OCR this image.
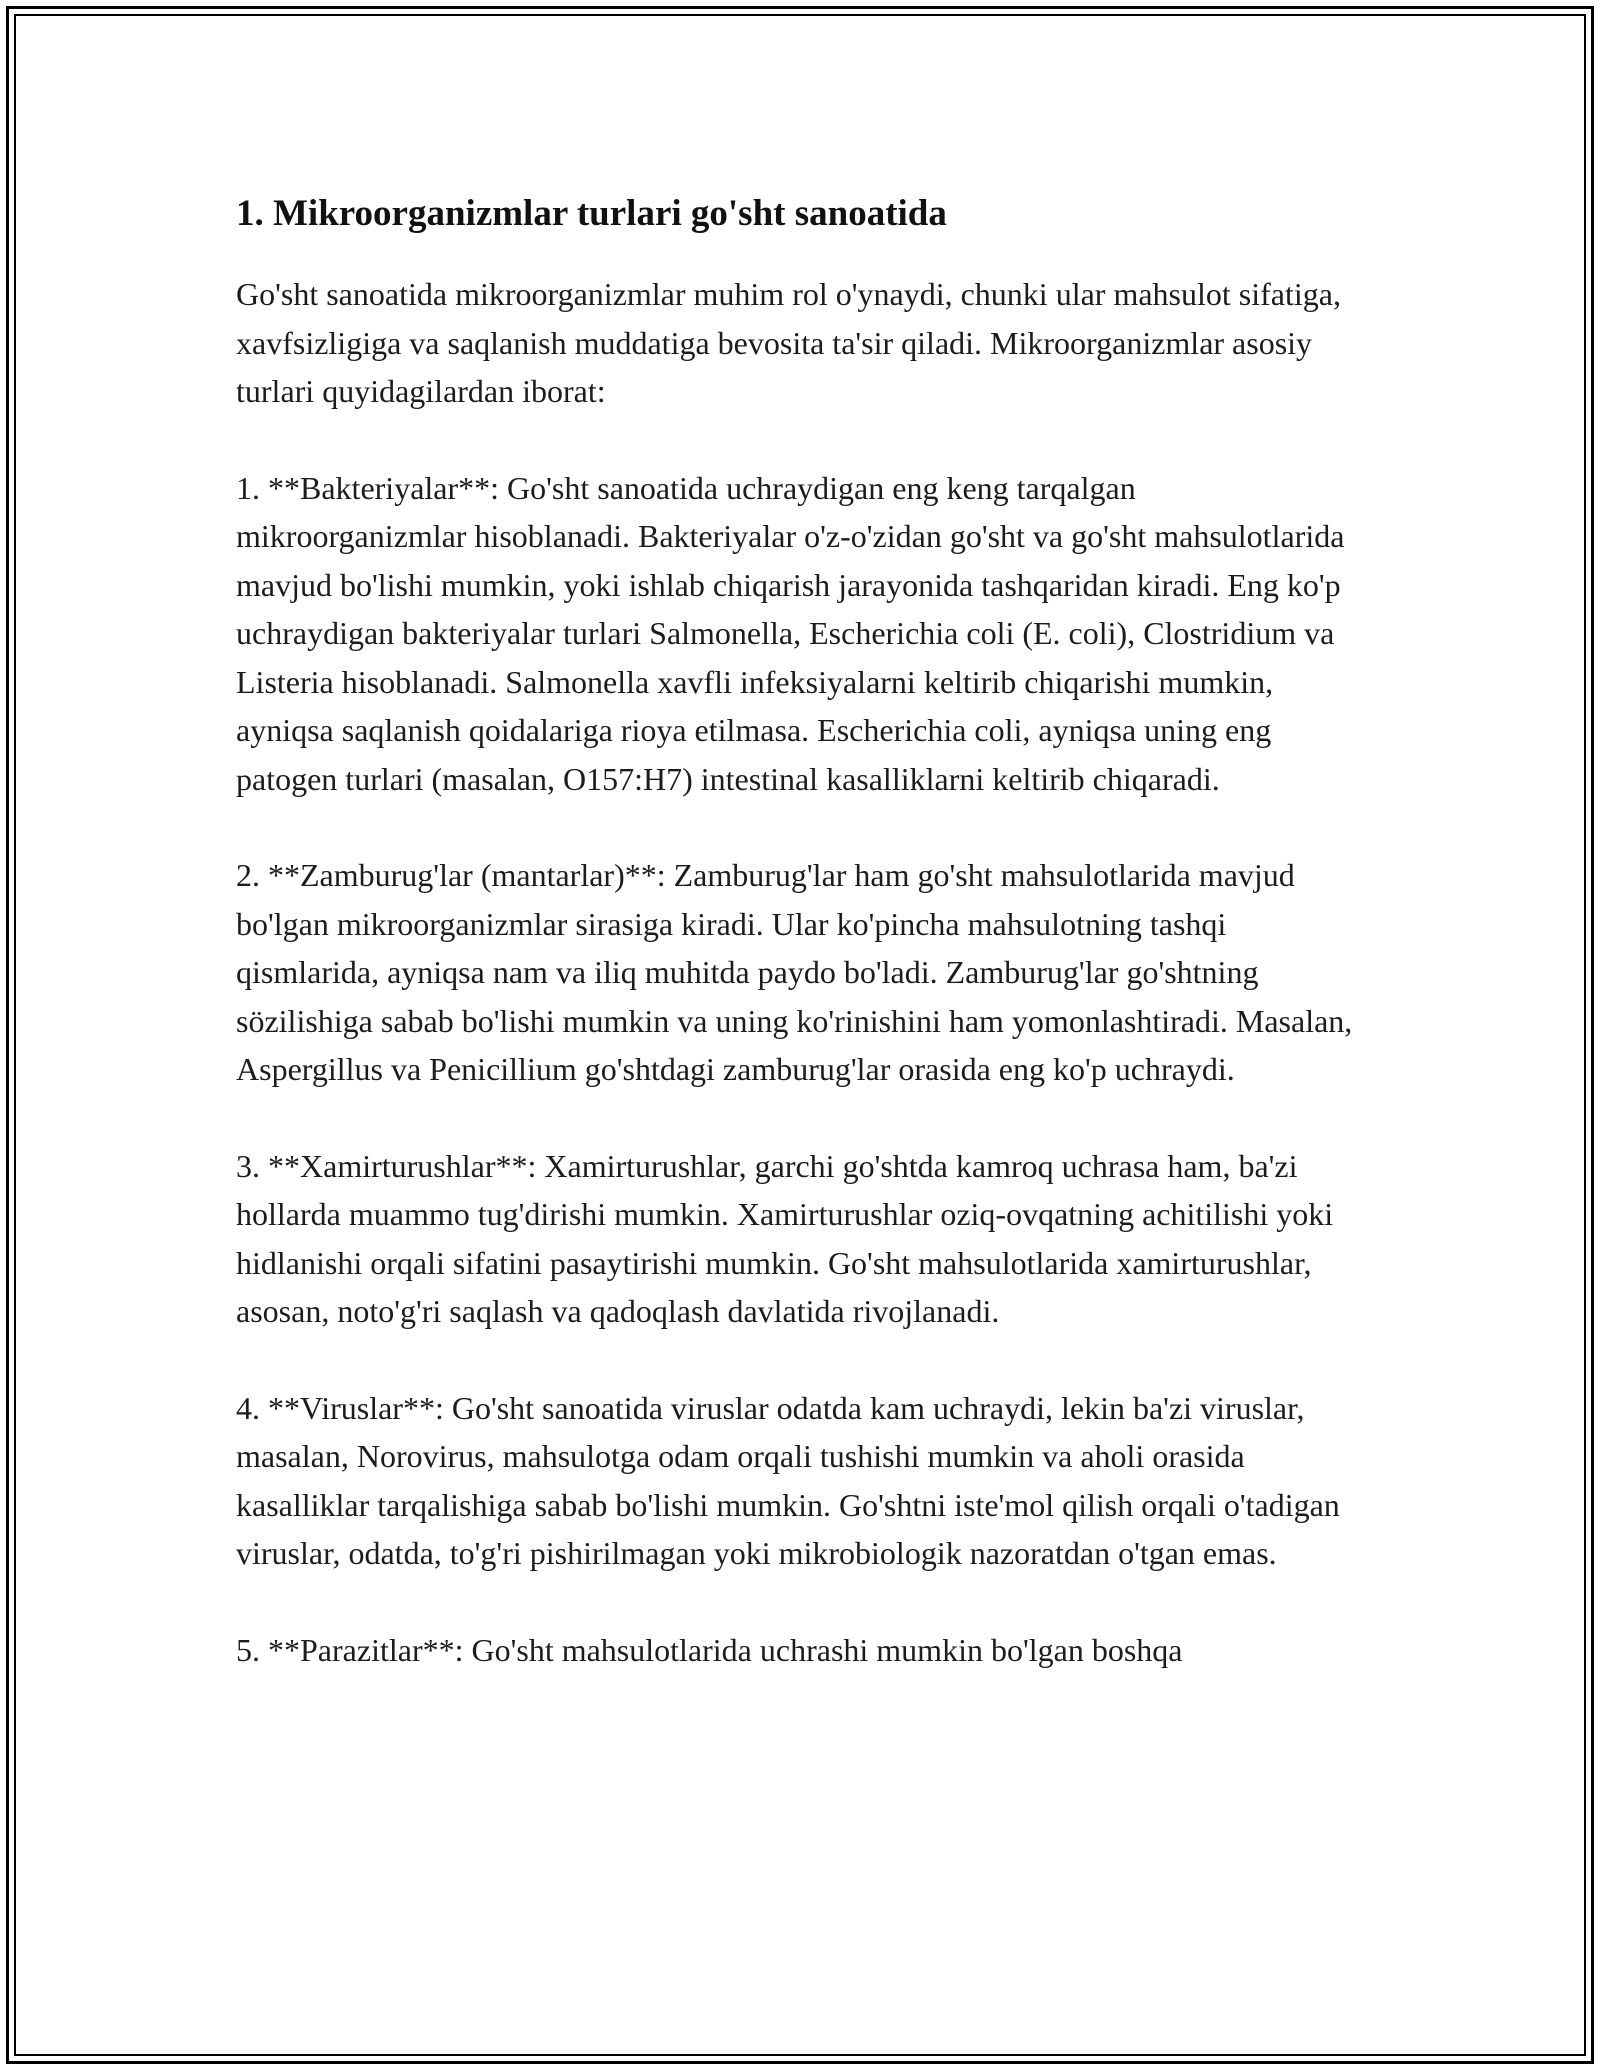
1. Mikroorganizmlar turlari go'sht sanoatida

Go'sht sanoatida mikroorganizmlar muhim rol o'ynaydi, chunki ular mahsulot sifatiga, xavfsizligiga va saqlanish muddatiga bevosita ta'sir qiladi. Mikroorganizmlar asosiy turlari quyidagilardan iborat:

1. **Bakteriyalar**: Go'sht sanoatida uchraydigan eng keng tarqalgan mikroorganizmlar hisoblanadi. Bakteriyalar o'z-o'zidan go'sht va go'sht mahsulotlarida mavjud bo'lishi mumkin, yoki ishlab chiqarish jarayonida tashqaridan kiradi. Eng ko'p uchraydigan bakteriyalar turlari Salmonella, Escherichia coli (E. coli), Clostridium va Listeria hisoblanadi. Salmonella xavfli infeksiyalarni keltirib chiqarishi mumkin, ayniqsa saqlanish qoidalariga rioya etilmasa. Escherichia coli, ayniqsa uning eng patogen turlari (masalan, O157:H7) intestinal kasalliklarni keltirib chiqaradi.

2. **Zamburug'lar (mantarlar)**: Zamburug'lar ham go'sht mahsulotlarida mavjud bo'lgan mikroorganizmlar sirasiga kiradi. Ular ko'pincha mahsulotning tashqi qismlarida, ayniqsa nam va iliq muhitda paydo bo'ladi. Zamburug'lar go'shtning sözilishiga sabab bo'lishi mumkin va uning ko'rinishini ham yomonlashtiradi. Masalan, Aspergillus va Penicillium go'shtdagi zamburug'lar orasida eng ko'p uchraydi.

3. **Xamirturushlar**: Xamirturushlar, garchi go'shtda kamroq uchrasa ham, ba'zi hollarda muammo tug'dirishi mumkin. Xamirturushlar oziq-ovqatning achitilishi yoki hidlanishi orqali sifatini pasaytirishi mumkin. Go'sht mahsulotlarida xamirturushlar, asosan, noto'g'ri saqlash va qadoqlash davlatida rivojlanadi.

4. **Viruslar**: Go'sht sanoatida viruslar odatda kam uchraydi, lekin ba'zi viruslar, masalan, Norovirus, mahsulotga odam orqali tushishi mumkin va aholi orasida kasalliklar tarqalishiga sabab bo'lishi mumkin. Go'shtni iste'mol qilish orqali o'tadigan viruslar, odatda, to'g'ri pishirilmagan yoki mikrobiologik nazoratdan o'tgan emas.

5. **Parazitlar**: Go'sht mahsulotlarida uchrashi mumkin bo'lgan boshqa
